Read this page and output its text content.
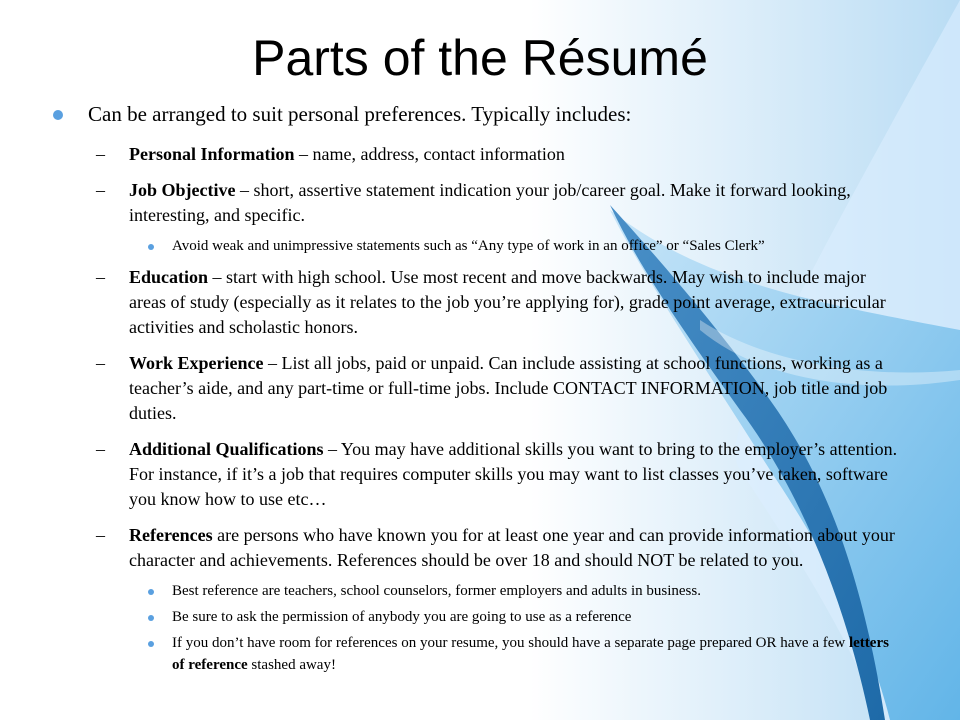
Parts of the Résumé
Can be arranged to suit personal preferences. Typically includes:
– Personal Information – name, address, contact information
– Job Objective – short, assertive statement indication your job/career goal. Make it forward looking, interesting, and specific.
Avoid weak and unimpressive statements such as “Any type of work in an office” or “Sales Clerk”
– Education – start with high school. Use most recent and move backwards. May wish to include major areas of study (especially as it relates to the job you’re applying for), grade point average, extracurricular activities and scholastic honors.
– Work Experience – List all jobs, paid or unpaid. Can include assisting at school functions, working as a teacher’s aide, and any part-time or full-time jobs. Include CONTACT INFORMATION, job title and job duties.
– Additional Qualifications – You may have additional skills you want to bring to the employer’s attention. For instance, if it’s a job that requires computer skills you may want to list classes you’ve taken, software you know how to use etc…
– References are persons who have known you for at least one year and can provide information about your character and achievements. References should be over 18 and should NOT be related to you.
Best reference are teachers, school counselors, former employers and adults in business.
Be sure to ask the permission of anybody you are going to use as a reference
If you don’t have room for references on your resume, you should have a separate page prepared OR have a few letters of reference stashed away!
